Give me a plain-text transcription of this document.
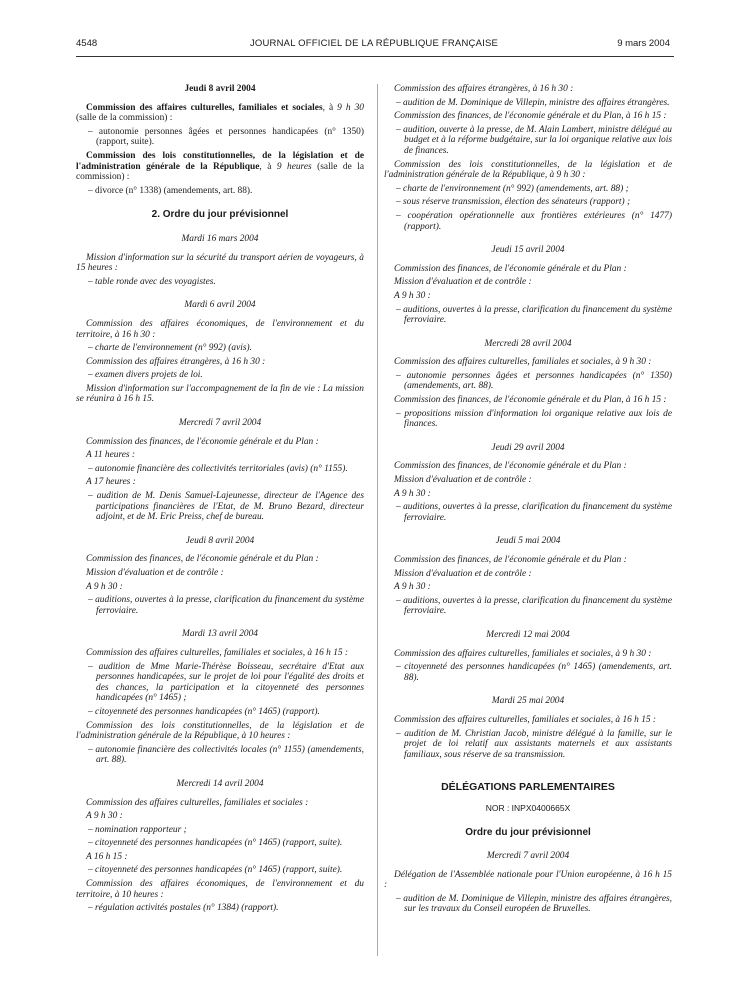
4548	JOURNAL OFFICIEL DE LA RÉPUBLIQUE FRANÇAISE	9 mars 2004
Jeudi 8 avril 2004
Commission des affaires culturelles, familiales et sociales, à 9 h 30 (salle de la commission) :
– autonomie personnes âgées et personnes handicapées (n° 1350) (rapport, suite).
Commission des lois constitutionnelles, de la législation et de l'administration générale de la République, à 9 heures (salle de la commission) :
– divorce (n° 1338) (amendements, art. 88).
2. Ordre du jour prévisionnel
Mardi 16 mars 2004
Mission d'information sur la sécurité du transport aérien de voyageurs, à 15 heures :
– table ronde avec des voyagistes.
Mardi 6 avril 2004
Commission des affaires économiques, de l'environnement et du territoire, à 16 h 30 :
– charte de l'environnement (n° 992) (avis).
Commission des affaires étrangères, à 16 h 30 :
– examen divers projets de loi.
Mission d'information sur l'accompagnement de la fin de vie : La mission se réunira à 16 h 15.
Mercredi 7 avril 2004
Commission des finances, de l'économie générale et du Plan :
A 11 heures :
– autonomie financière des collectivités territoriales (avis) (n° 1155).
A 17 heures :
– audition de M. Denis Samuel-Lajeunesse, directeur de l'Agence des participations financières de l'Etat, de M. Bruno Bezard, directeur adjoint, et de M. Eric Preiss, chef de bureau.
Jeudi 8 avril 2004
Commission des finances, de l'économie générale et du Plan :
Mission d'évaluation et de contrôle :
A 9 h 30 :
– auditions, ouvertes à la presse, clarification du financement du système ferroviaire.
Mardi 13 avril 2004
Commission des affaires culturelles, familiales et sociales, à 16 h 15 :
– audition de Mme Marie-Thérèse Boisseau, secrétaire d'Etat aux personnes handicapées, sur le projet de loi pour l'égalité des droits et des chances, la participation et la citoyenneté des personnes handicapées (n° 1465) ;
– citoyenneté des personnes handicapées (n° 1465) (rapport).
Commission des lois constitutionnelles, de la législation et de l'administration générale de la République, à 10 heures :
– autonomie financière des collectivités locales (n° 1155) (amendements, art. 88).
Mercredi 14 avril 2004
Commission des affaires culturelles, familiales et sociales :
A 9 h 30 :
– nomination rapporteur ;
– citoyenneté des personnes handicapées (n° 1465) (rapport, suite).
A 16 h 15 :
– citoyenneté des personnes handicapées (n° 1465) (rapport, suite).
Commission des affaires économiques, de l'environnement et du territoire, à 10 heures :
– régulation activités postales (n° 1384) (rapport).
Commission des affaires étrangères, à 16 h 30 :
– audition de M. Dominique de Villepin, ministre des affaires étrangères.
Commission des finances, de l'économie générale et du Plan, à 16 h 15 :
– audition, ouverte à la presse, de M. Alain Lambert, ministre délégué au budget et à la réforme budgétaire, sur la loi organique relative aux lois de finances.
Commission des lois constitutionnelles, de la législation et de l'administration générale de la République, à 9 h 30 :
– charte de l'environnement (n° 992) (amendements, art. 88) ;
– sous réserve transmission, élection des sénateurs (rapport) ;
– coopération opérationnelle aux frontières extérieures (n° 1477) (rapport).
Jeudi 15 avril 2004
Commission des finances, de l'économie générale et du Plan :
Mission d'évaluation et de contrôle :
A 9 h 30 :
– auditions, ouvertes à la presse, clarification du financement du système ferroviaire.
Mercredi 28 avril 2004
Commission des affaires culturelles, familiales et sociales, à 9 h 30 :
– autonomie personnes âgées et personnes handicapées (n° 1350) (amendements, art. 88).
Commission des finances, de l'économie générale et du Plan, à 16 h 15 :
– propositions mission d'information loi organique relative aux lois de finances.
Jeudi 29 avril 2004
Commission des finances, de l'économie générale et du Plan :
Mission d'évaluation et de contrôle :
A 9 h 30 :
– auditions, ouvertes à la presse, clarification du financement du système ferroviaire.
Jeudi 5 mai 2004
Commission des finances, de l'économie générale et du Plan :
Mission d'évaluation et de contrôle :
A 9 h 30 :
– auditions, ouvertes à la presse, clarification du financement du système ferroviaire.
Mercredi 12 mai 2004
Commission des affaires culturelles, familiales et sociales, à 9 h 30 :
– citoyenneté des personnes handicapées (n° 1465) (amendements, art. 88).
Mardi 25 mai 2004
Commission des affaires culturelles, familiales et sociales, à 16 h 15 :
– audition de M. Christian Jacob, ministre délégué à la famille, sur le projet de loi relatif aux assistants maternels et aux assistants familiaux, sous réserve de sa transmission.
DÉLÉGATIONS PARLEMENTAIRES
NOR : INPX0400665X
Ordre du jour prévisionnel
Mercredi 7 avril 2004
Délégation de l'Assemblée nationale pour l'Union européenne, à 16 h 15 :
– audition de M. Dominique de Villepin, ministre des affaires étrangères, sur les travaux du Conseil européen de Bruxelles.
